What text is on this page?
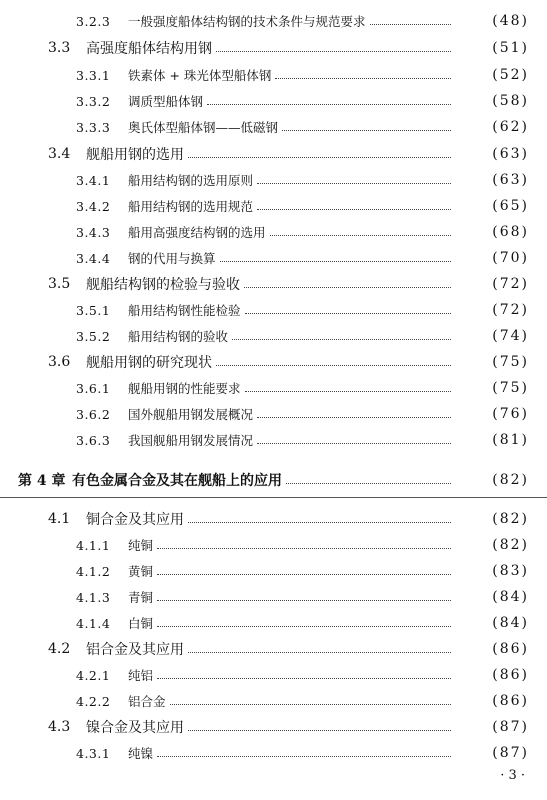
3.2.3	一般强度船体结构钢的技术条件与规范要求	(48)
3.3	高强度船体结构用钢	(51)
3.3.1	铁素体 + 珠光体型船体钢	(52)
3.3.2	调质型船体钢	(58)
3.3.3	奥氏体型船体钢——低磁钢	(62)
3.4	舰船用钢的选用	(63)
3.4.1	船用结构钢的选用原则	(63)
3.4.2	船用结构钢的选用规范	(65)
3.4.3	船用高强度结构钢的选用	(68)
3.4.4	钢的代用与换算	(70)
3.5	舰船结构钢的检验与验收	(72)
3.5.1	船用结构钢性能检验	(72)
3.5.2	船用结构钢的验收	(74)
3.6	舰船用钢的研究现状	(75)
3.6.1	舰船用钢的性能要求	(75)
3.6.2	国外舰船用钢发展概况	(76)
3.6.3	我国舰船用钢发展情况	(81)
第 4 章 有色金属合金及其在舰船上的应用	(82)
4.1	铜合金及其应用	(82)
4.1.1	纯铜	(82)
4.1.2	黄铜	(83)
4.1.3	青铜	(84)
4.1.4	白铜	(84)
4.2	铝合金及其应用	(86)
4.2.1	纯铝	(86)
4.2.2	铝合金	(86)
4.3	镍合金及其应用	(87)
4.3.1	纯镍	(87)
· 3 ·
